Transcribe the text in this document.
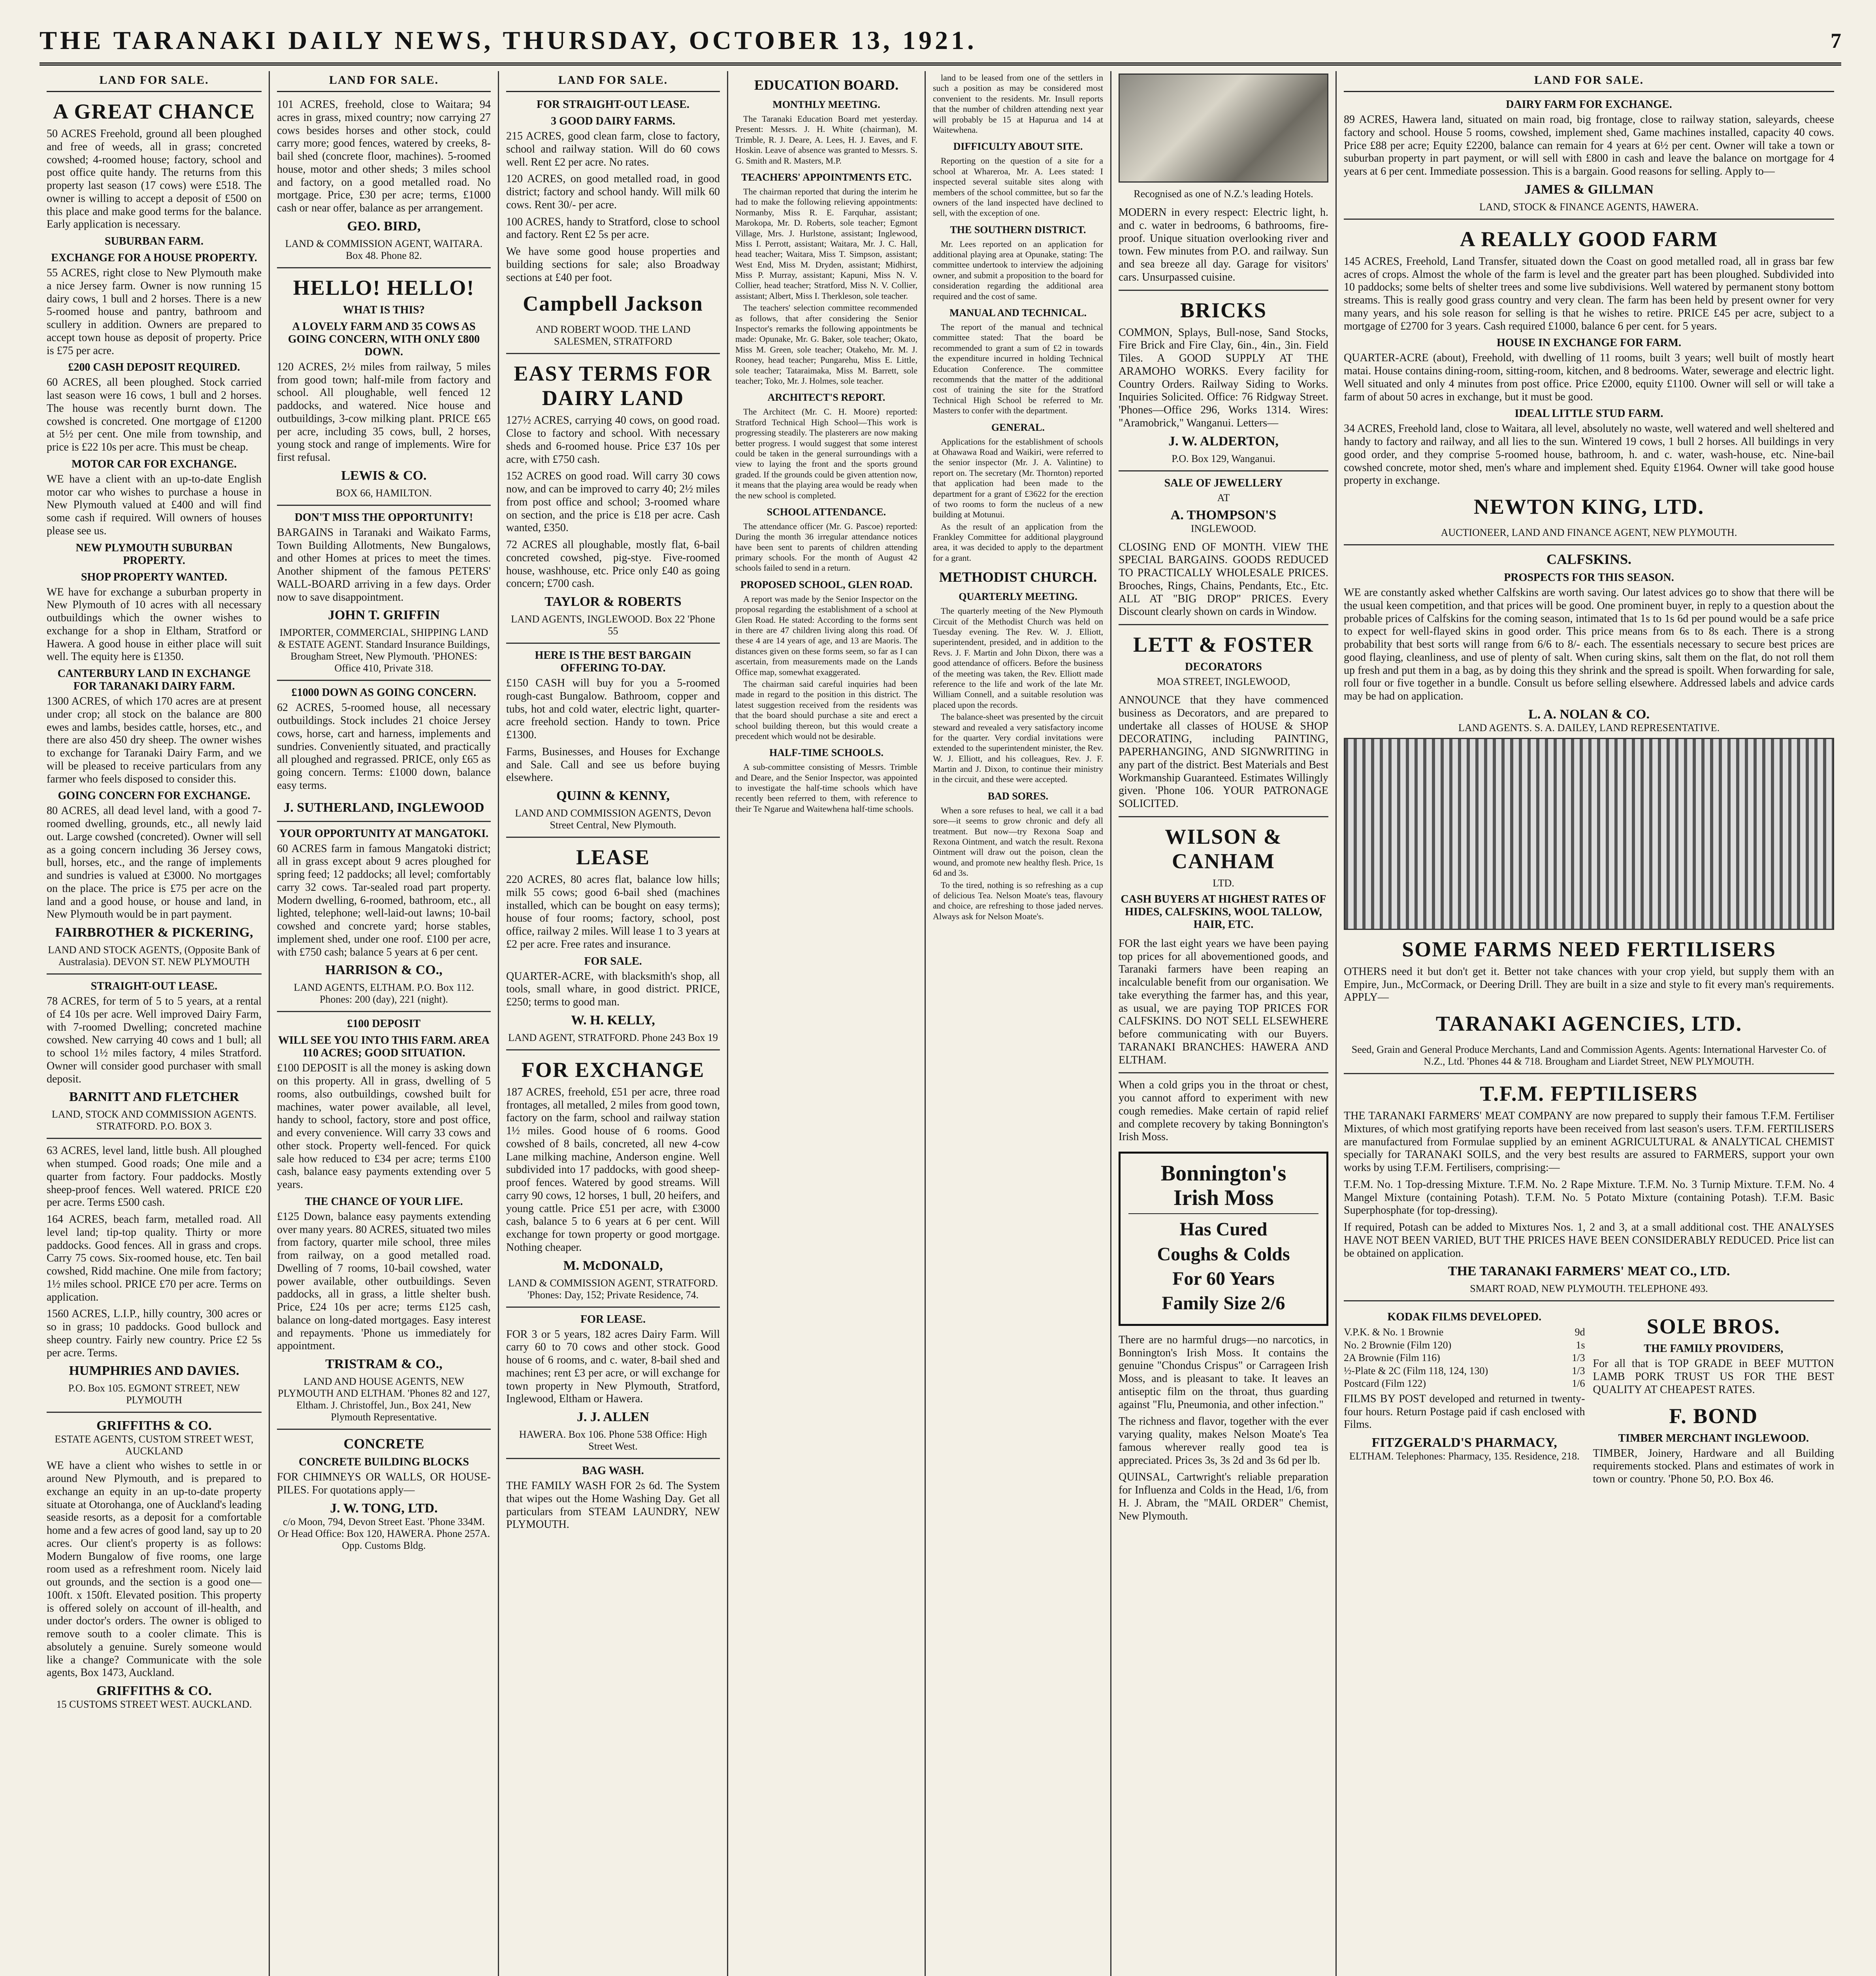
THE TARANAKI DAILY NEWS, THURSDAY, OCTOBER 13, 1921.	7
LAND FOR SALE.
A GREAT CHANCE
50 ACRES Freehold, ground all been ploughed and free of weeds, all in grass; concreted cowshed; 4-roomed house; factory, school and post office quite handy. The returns from this property last season (17 cows) were £518. The owner is willing to accept a deposit of £500 on this place and make good terms for the balance. Early application is necessary.
SUBURBAN FARM.
EXCHANGE FOR A HOUSE PROPERTY.
55 ACRES, right close to New Plymouth make a nice Jersey farm. Owner is now running 15 dairy cows, 1 bull and 2 horses. There is a new 5-roomed house and pantry, bathroom and scullery in addition. Owners are prepared to accept town house as deposit of property. Price is £75 per acre.
£200 CASH DEPOSIT REQUIRED.
60 ACRES, all been ploughed. Stock carried last season were 16 cows, 1 bull and 2 horses. The house was recently burnt down. The cowshed is concreted. One mortgage of £1200 at 5½ per cent. One mile from township, and price is £22 10s per acre. This must be cheap.
MOTOR CAR FOR EXCHANGE.
WE have a client with an up-to-date English motor car who wishes to purchase a house in New Plymouth valued at £400 and will find some cash if required. Will owners of houses please see us.
NEW PLYMOUTH SUBURBAN PROPERTY.
SHOP PROPERTY WANTED.
WE have for exchange a suburban property in New Plymouth of 10 acres with all necessary outbuildings which the owner wishes to exchange for a shop in Eltham, Stratford or Hawera. A good house in either place will suit well. The equity here is £1350.
CANTERBURY LAND IN EXCHANGE FOR TARANAKI DAIRY FARM.
1300 ACRES, of which 170 acres are at present under crop; all stock on the balance are 800 ewes and lambs, besides cattle, horses, etc., and there are also 450 dry sheep. The owner wishes to exchange for Taranaki Dairy Farm, and we will be pleased to receive particulars from any farmer who feels disposed to consider this.
GOING CONCERN FOR EXCHANGE.
80 ACRES, all dead level land, with a good 7-roomed dwelling, grounds, etc., all newly laid out. Large cowshed (concreted). Owner will sell as a going concern including 36 Jersey cows, bull, horses, etc., and the range of implements and sundries is valued at £3000. No mortgages on the place. The price is £75 per acre on the land and a good house, or house and land, in New Plymouth would be in part payment.
FAIRBROTHER & PICKERING,
LAND AND STOCK AGENTS, (Opposite Bank of Australasia). DEVON ST. NEW PLYMOUTH
STRAIGHT-OUT LEASE.
78 ACRES, for term of 5 to 5 years, at a rental of £4 10s per acre. Well improved Dairy Farm, with 7-roomed Dwelling; concreted machine cowshed. New carrying 40 cows and 1 bull; all to school 1½ miles factory, 4 miles Stratford. Owner will consider good purchaser with small deposit.
BARNITT AND FLETCHER
LAND, STOCK AND COMMISSION AGENTS. STRATFORD. P.O. BOX 3.
63 ACRES, level land, little bush. All ploughed when stumped. Good roads; One mile and a quarter from factory. Four paddocks. Mostly sheep-proof fences. Well watered. PRICE £20 per acre. Terms £500 cash.
164 ACRES, beach farm, metalled road. All level land; tip-top quality. Thirty or more paddocks. Good fences. All in grass and crops. Carry 75 cows. Six-roomed house, etc. Ten bail cowshed, Ridd machine. One mile from factory; 1½ miles school. PRICE £70 per acre. Terms on application.
1560 ACRES, L.I.P., hilly country, 300 acres or so in grass; 10 paddocks. Good bullock and sheep country. Fairly new country. Price £2 5s per acre. Terms.
HUMPHRIES AND DAVIES.
P.O. Box 105. EGMONT STREET, NEW PLYMOUTH
GRIFFITHS & CO.
ESTATE AGENTS, CUSTOM STREET WEST, AUCKLAND
WE have a client who wishes to settle in or around New Plymouth, and is prepared to exchange an equity in an up-to-date property situate at Otorohanga, one of Auckland's leading seaside resorts, as a deposit for a comfortable home and a few acres of good land, say up to 20 acres. Our client's property is as follows: Modern Bungalow of five rooms, one large room used as a refreshment room. Nicely laid out grounds, and the section is a good one—100ft. x 150ft. Elevated position. This property is offered solely on account of ill-health, and under doctor's orders. The owner is obliged to remove south to a cooler climate. This is absolutely a genuine. Surely someone would like a change? Communicate with the sole agents, Box 1473, Auckland.
GRIFFITHS & CO.
15 CUSTOMS STREET WEST. AUCKLAND.
LAND FOR SALE.
101 ACRES, freehold, close to Waitara; 94 acres in grass, mixed country; now carrying 27 cows besides horses and other stock, could carry more; good fences, watered by creeks, 8-bail shed (concrete floor, machines). 5-roomed house, motor and other sheds; 3 miles school and factory, on a good metalled road. No mortgage. Price, £30 per acre; terms, £1000 cash or near offer, balance as per arrangement.
GEO. BIRD,
LAND & COMMISSION AGENT, WAITARA. Box 48. Phone 82.
HELLO! HELLO!
WHAT IS THIS?
A LOVELY FARM AND 35 COWS AS GOING CONCERN, WITH ONLY £800 DOWN.
120 ACRES, 2½ miles from railway, 5 miles from good town; half-mile from factory and school. All ploughable, well fenced 12 paddocks, and watered. Nice house and outbuildings, 3-cow milking plant. PRICE £65 per acre, including 35 cows, bull, 2 horses, young stock and range of implements. Wire for first refusal.
LEWIS & CO.
BOX 66, HAMILTON.
DON'T MISS THE OPPORTUNITY!
BARGAINS in Taranaki and Waikato Farms, Town Building Allotments, New Bungalows, and other Homes at prices to meet the times. Another shipment of the famous PETERS' WALL-BOARD arriving in a few days. Order now to save disappointment.
JOHN T. GRIFFIN
IMPORTER, COMMERCIAL, SHIPPING LAND & ESTATE AGENT. Standard Insurance Buildings, Brougham Street, New Plymouth. 'PHONES: Office 410, Private 318.
£1000 DOWN AS GOING CONCERN.
62 ACRES, 5-roomed house, all necessary outbuildings. Stock includes 21 choice Jersey cows, horse, cart and harness, implements and sundries. Conveniently situated, and practically all ploughed and regrassed. PRICE, only £65 as going concern. Terms: £1000 down, balance easy terms.
J. SUTHERLAND, INGLEWOOD
YOUR OPPORTUNITY AT MANGATOKI.
60 ACRES farm in famous Mangatoki district; all in grass except about 9 acres ploughed for spring feed; 12 paddocks; all level; comfortably carry 32 cows. Tar-sealed road part property. Modern dwelling, 6-roomed, bathroom, etc., all lighted, telephone; well-laid-out lawns; 10-bail cowshed and concrete yard; horse stables, implement shed, under one roof. £100 per acre, with £750 cash; balance 5 years at 6 per cent.
HARRISON & CO.,
LAND AGENTS, ELTHAM. P.O. Box 112. Phones: 200 (day), 221 (night).
£100 DEPOSIT
WILL SEE YOU INTO THIS FARM. AREA 110 ACRES; GOOD SITUATION.
£100 DEPOSIT is all the money is asking down on this property. All in grass, dwelling of 5 rooms, also outbuildings, cowshed built for machines, water power available, all level, handy to school, factory, store and post office, and every convenience. Will carry 33 cows and other stock. Property well-fenced. For quick sale how reduced to £34 per acre; terms £100 cash, balance easy payments extending over 5 years.
THE CHANCE OF YOUR LIFE.
£125 Down, balance easy payments extending over many years. 80 ACRES, situated two miles from factory, quarter mile school, three miles from railway, on a good metalled road. Dwelling of 7 rooms, 10-bail cowshed, water power available, other outbuildings. Seven paddocks, all in grass, a little shelter bush. Price, £24 10s per acre; terms £125 cash, balance on long-dated mortgages. Easy interest and repayments. 'Phone us immediately for appointment.
TRISTRAM & CO.,
LAND AND HOUSE AGENTS, NEW PLYMOUTH AND ELTHAM. 'Phones 82 and 127, Eltham. J. Christoffel, Jun., Box 241, New Plymouth Representative.
CONCRETE
CONCRETE BUILDING BLOCKS
FOR CHIMNEYS OR WALLS, OR HOUSE-PILES. For quotations apply—
J. W. TONG, LTD.
c/o Moon, 794, Devon Street East. 'Phone 334M. Or Head Office: Box 120, HAWERA. Phone 257A. Opp. Customs Bldg.
LAND FOR SALE.
FOR STRAIGHT-OUT LEASE.
3 GOOD DAIRY FARMS.
215 ACRES, good clean farm, close to factory, school and railway station. Will do 60 cows well. Rent £2 per acre. No rates.
120 ACRES, on good metalled road, in good district; factory and school handy. Will milk 60 cows. Rent 30/- per acre.
100 ACRES, handy to Stratford, close to school and factory. Rent £2 5s per acre.
We have some good house properties and building sections for sale; also Broadway sections at £40 per foot.
Campbell Jackson
AND ROBERT WOOD. THE LAND SALESMEN, STRATFORD
EASY TERMS FOR DAIRY LAND
127½ ACRES, carrying 40 cows, on good road. Close to factory and school. With necessary sheds and 6-roomed house. Price £37 10s per acre, with £750 cash.
152 ACRES on good road. Will carry 30 cows now, and can be improved to carry 40; 2½ miles from post office and school; 3-roomed whare on section, and the price is £18 per acre. Cash wanted, £350.
72 ACRES all ploughable, mostly flat, 6-bail concreted cowshed, pig-stye. Five-roomed house, washhouse, etc. Price only £40 as going concern; £700 cash.
TAYLOR & ROBERTS
LAND AGENTS, INGLEWOOD. Box 22 'Phone 55
HERE IS THE BEST BARGAIN OFFERING TO-DAY.
£150 CASH will buy for you a 5-roomed rough-cast Bungalow. Bathroom, copper and tubs, hot and cold water, electric light, quarter-acre freehold section. Handy to town. Price £1300.
Farms, Businesses, and Houses for Exchange and Sale. Call and see us before buying elsewhere.
QUINN & KENNY,
LAND AND COMMISSION AGENTS, Devon Street Central, New Plymouth.
LEASE
220 ACRES, 80 acres flat, balance low hills; milk 55 cows; good 6-bail shed (machines installed, which can be bought on easy terms); house of four rooms; factory, school, post office, railway 2 miles. Will lease 1 to 3 years at £2 per acre. Free rates and insurance.
FOR SALE.
QUARTER-ACRE, with blacksmith's shop, all tools, small whare, in good district. PRICE, £250; terms to good man.
W. H. KELLY,
LAND AGENT, STRATFORD. Phone 243 Box 19
FOR EXCHANGE
187 ACRES, freehold, £51 per acre, three road frontages, all metalled, 2 miles from good town, factory on the farm, school and railway station 1½ miles. Good house of 6 rooms. Good cowshed of 8 bails, concreted, all new 4-cow Lane milking machine, Anderson engine. Well subdivided into 17 paddocks, with good sheep-proof fences. Watered by good streams. Will carry 90 cows, 12 horses, 1 bull, 20 heifers, and young cattle. Price £51 per acre, with £3000 cash, balance 5 to 6 years at 6 per cent. Will exchange for town property or good mortgage. Nothing cheaper.
M. McDONALD,
LAND & COMMISSION AGENT, STRATFORD. 'Phones: Day, 152; Private Residence, 74.
FOR LEASE.
FOR 3 or 5 years, 182 acres Dairy Farm. Will carry 60 to 70 cows and other stock. Good house of 6 rooms, and c. water, 8-bail shed and machines; rent £3 per acre, or will exchange for town property in New Plymouth, Stratford, Inglewood, Eltham or Hawera.
J. J. ALLEN
HAWERA. Box 106. Phone 538 Office: High Street West.
BAG WASH.
THE FAMILY WASH FOR 2s 6d. The System that wipes out the Home Washing Day. Get all particulars from STEAM LAUNDRY, NEW PLYMOUTH.
EDUCATION BOARD.
MONTHLY MEETING.
The Taranaki Education Board met yesterday. Present: Messrs. J. H. White (chairman), M. Trimble, R. J. Deare, A. Lees, H. J. Eaves, and F. Hoskin. Leave of absence was granted to Messrs. S. G. Smith and R. Masters, M.P.
TEACHERS' APPOINTMENTS ETC.
The chairman reported that during the interim he had to make the following relieving appointments: Normanby, Miss R. E. Farquhar, assistant; Marokopa, Mr. D. Roberts, sole teacher; Egmont Village, Mrs. J. Hurlstone, assistant; Inglewood, Miss I. Perrott, assistant; Waitara, Mr. J. C. Hall, head teacher; Waitara, Miss T. Simpson, assistant; West End, Miss M. Dryden, assistant; Midhirst, Miss P. Murray, assistant; Kapuni, Miss N. V. Collier, head teacher; Stratford, Miss N. V. Collier, assistant; Albert, Miss I. Therkleson, sole teacher.
The teachers' selection committee recommended as follows, that after considering the Senior Inspector's remarks the following appointments be made: Opunake, Mr. G. Baker, sole teacher; Okato, Miss M. Green, sole teacher; Otakeho, Mr. M. J. Rooney, head teacher; Pungarehu, Miss E. Little, sole teacher; Tataraimaka, Miss M. Barrett, sole teacher; Toko, Mr. J. Holmes, sole teacher.
ARCHITECT'S REPORT.
The Architect (Mr. C. H. Moore) reported: Stratford Technical High School—This work is progressing steadily. The plasterers are now making better progress. I would suggest that some interest could be taken in the general surroundings with a view to laying the front and the sports ground graded. If the grounds could be given attention now, it means that the playing area would be ready when the new school is completed.
SCHOOL ATTENDANCE.
The attendance officer (Mr. G. Pascoe) reported: During the month 36 irregular attendance notices have been sent to parents of children attending primary schools. For the month of August 42 schools failed to send in a return.
PROPOSED SCHOOL, GLEN ROAD.
A report was made by the Senior Inspector on the proposal regarding the establishment of a school at Glen Road. He stated: According to the forms sent in there are 47 children living along this road. Of these 4 are 14 years of age, and 13 are Maoris. The distances given on these forms seem, so far as I can ascertain, from measurements made on the Lands Office map, somewhat exaggerated.
The chairman said careful inquiries had been made in regard to the position in this district. The latest suggestion received from the residents was that the board should purchase a site and erect a school building thereon, but this would create a precedent which would not be desirable.
HALF-TIME SCHOOLS.
A sub-committee consisting of Messrs. Trimble and Deare, and the Senior Inspector, was appointed to investigate the half-time schools which have recently been referred to them, with reference to their Te Ngarue and Waitewhena half-time schools.
land to be leased from one of the settlers in such a position as may be considered most convenient to the residents. Mr. Insull reports that the number of children attending next year will probably be 15 at Hapurua and 14 at Waitewhena.
DIFFICULTY ABOUT SITE.
Reporting on the question of a site for a school at Whareroa, Mr. A. Lees stated: I inspected several suitable sites along with members of the school committee, but so far the owners of the land inspected have declined to sell, with the exception of one.
THE SOUTHERN DISTRICT.
Mr. Lees reported on an application for additional playing area at Opunake, stating: The committee undertook to interview the adjoining owner, and submit a proposition to the board for consideration regarding the additional area required and the cost of same.
MANUAL AND TECHNICAL.
The report of the manual and technical committee stated: That the board be recommended to grant a sum of £2 in towards the expenditure incurred in holding Technical Education Conference. The committee recommends that the matter of the additional cost of training the site for the Stratford Technical High School be referred to Mr. Masters to confer with the department.
GENERAL.
Applications for the establishment of schools at Ohawawa Road and Waikiri, were referred to the senior inspector (Mr. J. A. Valintine) to report on. The secretary (Mr. Thornton) reported that application had been made to the department for a grant of £3622 for the erection of two rooms to form the nucleus of a new building at Motunui.
As the result of an application from the Frankley Committee for additional playground area, it was decided to apply to the department for a grant.
METHODIST CHURCH.
QUARTERLY MEETING.
The quarterly meeting of the New Plymouth Circuit of the Methodist Church was held on Tuesday evening. The Rev. W. J. Elliott, superintendent, presided, and in addition to the Revs. J. F. Martin and John Dixon, there was a good attendance of officers. Before the business of the meeting was taken, the Rev. Elliott made reference to the life and work of the late Mr. William Connell, and a suitable resolution was placed upon the records.
The balance-sheet was presented by the circuit steward and revealed a very satisfactory income for the quarter. Very cordial invitations were extended to the superintendent minister, the Rev. W. J. Elliott, and his colleagues, Rev. J. F. Martin and J. Dixon, to continue their ministry in the circuit, and these were accepted.
BAD SORES.
When a sore refuses to heal, we call it a bad sore—it seems to grow chronic and defy all treatment. But now—try Rexona Soap and Rexona Ointment, and watch the result. Rexona Ointment will draw out the poison, clean the wound, and promote new healthy flesh. Price, 1s 6d and 3s.
To the tired, nothing is so refreshing as a cup of delicious Tea. Nelson Moate's teas, flavoury and choice, are refreshing to those jaded nerves. Always ask for Nelson Moate's.
Recognised as one of N.Z.'s leading Hotels.
MODERN in every respect: Electric light, h. and c. water in bedrooms, 6 bathrooms, fire-proof. Unique situation overlooking river and town. Few minutes from P.O. and railway. Sun and sea breeze all day. Garage for visitors' cars. Unsurpassed cuisine.
BRICKS
COMMON, Splays, Bull-nose, Sand Stocks, Fire Brick and Fire Clay, 6in., 4in., 3in. Field Tiles. A GOOD SUPPLY AT THE ARAMOHO WORKS. Every facility for Country Orders. Railway Siding to Works. Inquiries Solicited. Office: 76 Ridgway Street. 'Phones—Office 296, Works 1314. Wires: "Aramobrick," Wanganui. Letters—
J. W. ALDERTON,
P.O. Box 129, Wanganui.
SALE OF JEWELLERY
AT
A. THOMPSON'S
INGLEWOOD.
CLOSING END OF MONTH. VIEW THE SPECIAL BARGAINS. GOODS REDUCED TO PRACTICALLY WHOLESALE PRICES. Brooches, Rings, Chains, Pendants, Etc., Etc. ALL AT "BIG DROP" PRICES. Every Discount clearly shown on cards in Window.
LETT & FOSTER
DECORATORS
MOA STREET, INGLEWOOD,
ANNOUNCE that they have commenced business as Decorators, and are prepared to undertake all classes of HOUSE & SHOP DECORATING, including PAINTING, PAPERHANGING, AND SIGNWRITING in any part of the district. Best Materials and Best Workmanship Guaranteed. Estimates Willingly given. 'Phone 106. YOUR PATRONAGE SOLICITED.
WILSON & CANHAM
LTD.
CASH BUYERS AT HIGHEST RATES OF HIDES, CALFSKINS, WOOL TALLOW, HAIR, ETC.
FOR the last eight years we have been paying top prices for all abovementioned goods, and Taranaki farmers have been reaping an incalculable benefit from our organisation. We take everything the farmer has, and this year, as usual, we are paying TOP PRICES FOR CALFSKINS. DO NOT SELL ELSEWHERE before communicating with our Buyers. TARANAKI BRANCHES: HAWERA AND ELTHAM.
When a cold grips you in the throat or chest, you cannot afford to experiment with new cough remedies. Make certain of rapid relief and complete recovery by taking Bonnington's Irish Moss.
Bonnington's
Irish Moss
Has Cured
Coughs & Colds
For 60 Years
Family Size 2/6
There are no harmful drugs—no narcotics, in Bonnington's Irish Moss. It contains the genuine "Chondus Crispus" or Carrageen Irish Moss, and is pleasant to take. It leaves an antiseptic film on the throat, thus guarding against "Flu, Pneumonia, and other infection."
The richness and flavor, together with the ever varying quality, makes Nelson Moate's Tea famous wherever really good tea is appreciated. Prices 3s, 3s 2d and 3s 6d per lb.
QUINSAL, Cartwright's reliable preparation for Influenza and Colds in the Head, 1/6, from H. J. Abram, the "MAIL ORDER" Chemist, New Plymouth.
LAND FOR SALE.
DAIRY FARM FOR EXCHANGE.
89 ACRES, Hawera land, situated on main road, big frontage, close to railway station, saleyards, cheese factory and school. House 5 rooms, cowshed, implement shed, Game machines installed, capacity 40 cows. Price £88 per acre; Equity £2200, balance can remain for 4 years at 6½ per cent. Owner will take a town or suburban property in part payment, or will sell with £800 in cash and leave the balance on mortgage for 4 years at 6 per cent. Immediate possession. This is a bargain. Good reasons for selling. Apply to—
JAMES & GILLMAN
LAND, STOCK & FINANCE AGENTS, HAWERA.
A REALLY GOOD FARM
145 ACRES, Freehold, Land Transfer, situated down the Coast on good metalled road, all in grass bar few acres of crops. Almost the whole of the farm is level and the greater part has been ploughed. Subdivided into 10 paddocks; some belts of shelter trees and some live subdivisions. Well watered by permanent stony bottom streams. This is really good grass country and very clean. The farm has been held by present owner for very many years, and his sole reason for selling is that he wishes to retire. PRICE £45 per acre, subject to a mortgage of £2700 for 3 years. Cash required £1000, balance 6 per cent. for 5 years.
HOUSE IN EXCHANGE FOR FARM.
QUARTER-ACRE (about), Freehold, with dwelling of 11 rooms, built 3 years; well built of mostly heart matai. House contains dining-room, sitting-room, kitchen, and 8 bedrooms. Water, sewerage and electric light. Well situated and only 4 minutes from post office. Price £2000, equity £1100. Owner will sell or will take a farm of about 50 acres in exchange, but it must be good.
IDEAL LITTLE STUD FARM.
34 ACRES, Freehold land, close to Waitara, all level, absolutely no waste, well watered and well sheltered and handy to factory and railway, and all lies to the sun. Wintered 19 cows, 1 bull 2 horses. All buildings in very good order, and they comprise 5-roomed house, bathroom, h. and c. water, wash-house, etc. Nine-bail cowshed concrete, motor shed, men's whare and implement shed. Equity £1964. Owner will take good house property in exchange.
NEWTON KING, LTD.
AUCTIONEER, LAND AND FINANCE AGENT, NEW PLYMOUTH.
CALFSKINS.
PROSPECTS FOR THIS SEASON.
WE are constantly asked whether Calfskins are worth saving. Our latest advices go to show that there will be the usual keen competition, and that prices will be good. One prominent buyer, in reply to a question about the probable prices of Calfskins for the coming season, intimated that 1s to 1s 6d per pound would be a safe price to expect for well-flayed skins in good order. This price means from 6s to 8s each. There is a strong probability that best sorts will range from 6/6 to 8/- each. The essentials necessary to secure best prices are good flaying, cleanliness, and use of plenty of salt. When curing skins, salt them on the flat, do not roll them up fresh and put them in a bag, as by doing this they shrink and the spread is spoilt. When forwarding for sale, roll four or five together in a bundle. Consult us before selling elsewhere. Addressed labels and advice cards may be had on application.
L. A. NOLAN & CO.
LAND AGENTS. S. A. DAILEY, LAND REPRESENTATIVE.
SOME FARMS NEED FERTILISERS
OTHERS need it but don't get it. Better not take chances with your crop yield, but supply them with an Empire, Jun., McCormack, or Deering Drill. They are built in a size and style to fit every man's requirements. APPLY—
TARANAKI AGENCIES, LTD.
Seed, Grain and General Produce Merchants, Land and Commission Agents. Agents: International Harvester Co. of N.Z., Ltd. 'Phones 44 & 718. Brougham and Liardet Street, NEW PLYMOUTH.
T.F.M. FEPTILISERS
THE TARANAKI FARMERS' MEAT COMPANY are now prepared to supply their famous T.F.M. Fertiliser Mixtures, of which most gratifying reports have been received from last season's users. T.F.M. FERTILISERS are manufactured from Formulae supplied by an eminent AGRICULTURAL & ANALYTICAL CHEMIST specially for TARANAKI SOILS, and the very best results are assured to FARMERS, support your own works by using T.F.M. Fertilisers, comprising:—
T.F.M. No. 1 Top-dressing Mixture. T.F.M. No. 2 Rape Mixture. T.F.M. No. 3 Turnip Mixture. T.F.M. No. 4 Mangel Mixture (containing Potash). T.F.M. No. 5 Potato Mixture (containing Potash). T.F.M. Basic Superphosphate (for top-dressing).
If required, Potash can be added to Mixtures Nos. 1, 2 and 3, at a small additional cost. THE ANALYSES HAVE NOT BEEN VARIED, BUT THE PRICES HAVE BEEN CONSIDERABLY REDUCED. Price list can be obtained on application.
THE TARANAKI FARMERS' MEAT CO., LTD.
SMART ROAD, NEW PLYMOUTH. TELEPHONE 493.
KODAK FILMS DEVELOPED.
V.P.K. & No. 1 Brownie	9d
No. 2 Brownie (Film 120)	1s
2A Brownie (Film 116)	1/3
½-Plate & 2C (Film 118, 124, 130)	1/3
Postcard (Film 122)	1/6
FILMS BY POST developed and returned in twenty-four hours. Return Postage paid if cash enclosed with Films.
FITZGERALD'S PHARMACY,
ELTHAM. Telephones: Pharmacy, 135. Residence, 218.
SOLE BROS.
THE FAMILY PROVIDERS,
For all that is TOP GRADE in BEEF MUTTON LAMB PORK TRUST US FOR THE BEST QUALITY AT CHEAPEST RATES.
F. BOND
TIMBER MERCHANT INGLEWOOD.
TIMBER, Joinery, Hardware and all Building requirements stocked. Plans and estimates of work in town or country. 'Phone 50, P.O. Box 46.
